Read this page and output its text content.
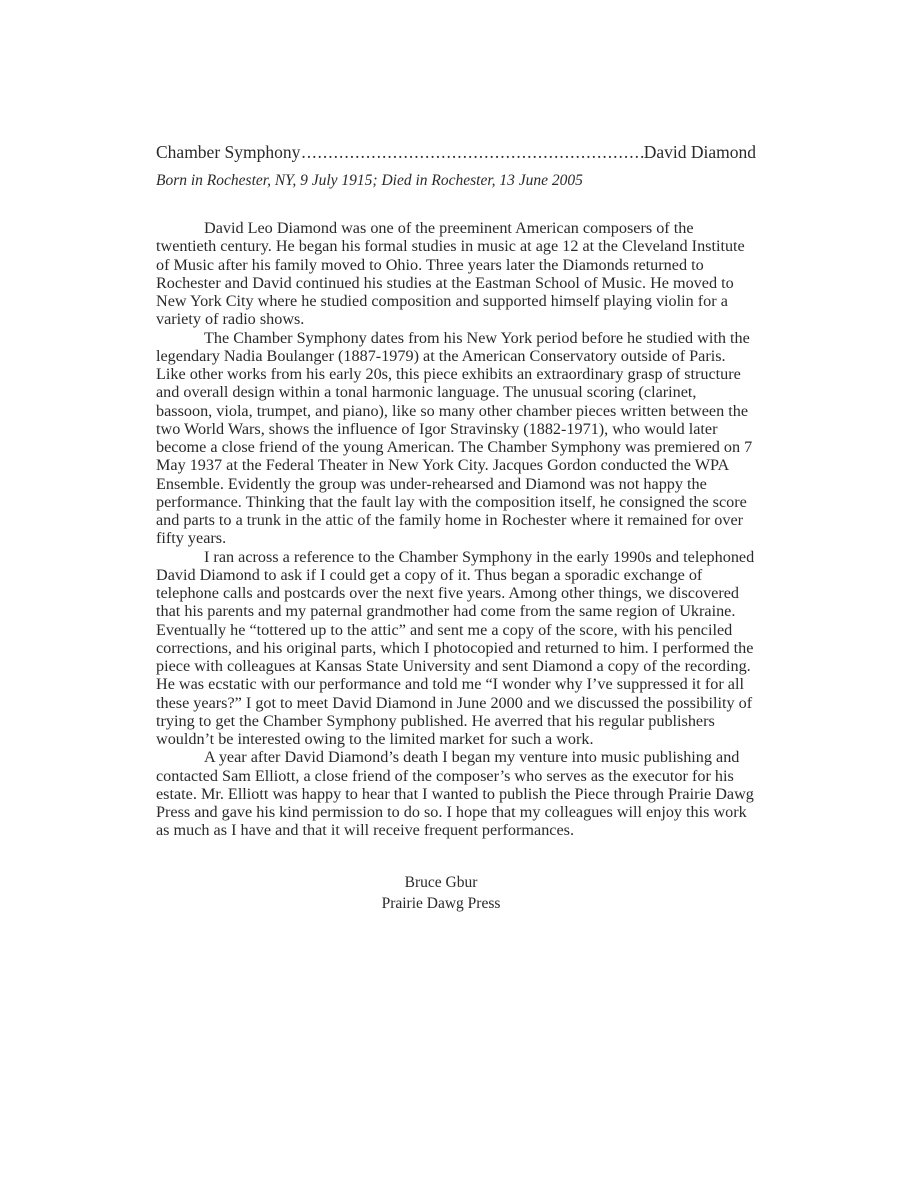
Chamber Symphony
.....	David Diamond
Born in Rochester, NY, 9 July 1915; Died in Rochester, 13 June 2005

David Leo Diamond was one of the preeminent American composers of the twentieth century. He began his formal studies in music at age 12 at the Cleveland Institute of Music after his family moved to Ohio. Three years later the Diamonds returned to Rochester and David continued his studies at the Eastman School of Music. He moved to New York City where he studied composition and supported himself playing violin for a variety of radio shows.

The Chamber Symphony dates from his New York period before he studied with the legendary Nadia Boulanger (1887-1979) at the American Conservatory outside of Paris. Like other works from his early 20s, this piece exhibits an extraordinary grasp of structure and overall design within a tonal harmonic language. The unusual scoring (clarinet, bassoon, viola, trumpet, and piano), like so many other chamber pieces written between the two World Wars, shows the influence of Igor Stravinsky (1882-1971), who would later become a close friend of the young American. The Chamber Symphony was premiered on 7 May 1937 at the Federal Theater in New York City. Jacques Gordon conducted the WPA Ensemble. Evidently the group was under-rehearsed and Diamond was not happy the performance. Thinking that the fault lay with the composition itself, he consigned the score and parts to a trunk in the attic of the family home in Rochester where it remained for over fifty years.

I ran across a reference to the Chamber Symphony in the early 1990s and telephoned David Diamond to ask if I could get a copy of it. Thus began a sporadic exchange of telephone calls and postcards over the next five years. Among other things, we discovered that his parents and my paternal grandmother had come from the same region of Ukraine. Eventually he “tottered up to the attic” and sent me a copy of the score, with his penciled corrections, and his original parts, which I photocopied and returned to him. I performed the piece with colleagues at Kansas State University and sent Diamond a copy of the recording. He was ecstatic with our performance and told me “I wonder why I’ve suppressed it for all these years?” I got to meet David Diamond in June 2000 and we discussed the possibility of trying to get the Chamber Symphony published. He averred that his regular publishers wouldn’t be interested owing to the limited market for such a work.

A year after David Diamond’s death I began my venture into music publishing and contacted Sam Elliott, a close friend of the composer’s who serves as the executor for his estate. Mr. Elliott was happy to hear that I wanted to publish the Piece through Prairie Dawg Press and gave his kind permission to do so. I hope that my colleagues will enjoy this work as much as I have and that it will receive frequent performances.

Bruce Gbur
Prairie Dawg Press
